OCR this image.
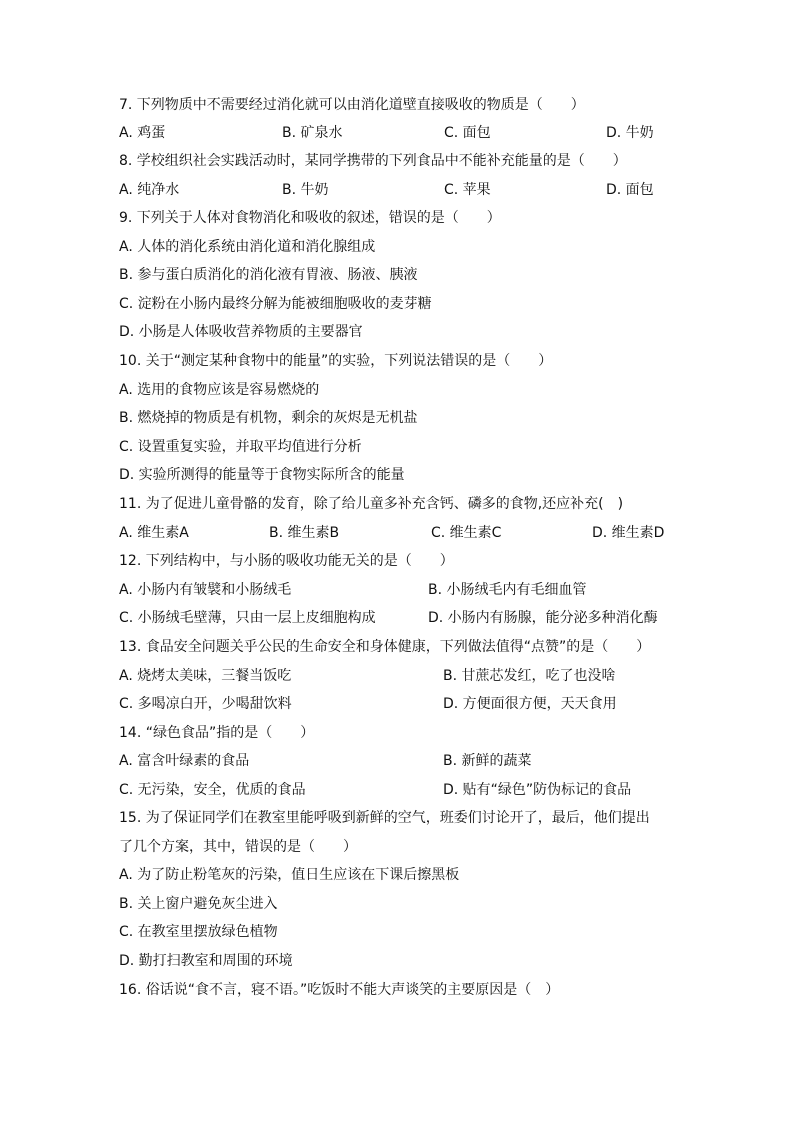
7. 下列物质中不需要经过消化就可以由消化道壁直接吸收的物质是（　　）
A. 鸡蛋	B. 矿泉水	C. 面包	D. 牛奶
8. 学校组织社会实践活动时，某同学携带的下列食品中不能补充能量的是（　　）
A. 纯净水	B. 牛奶	C. 苹果	D. 面包
9. 下列关于人体对食物消化和吸收的叙述，错误的是（　　）
A. 人体的消化系统由消化道和消化腺组成
B. 参与蛋白质消化的消化液有胃液、肠液、胰液
C. 淀粉在小肠内最终分解为能被细胞吸收的麦芽糖
D. 小肠是人体吸收营养物质的主要器官
10. 关于“测定某种食物中的能量”的实验，下列说法错误的是（　　）
A. 选用的食物应该是容易燃烧的
B. 燃烧掉的物质是有机物，剩余的灰烬是无机盐
C. 设置重复实验，并取平均值进行分析
D. 实验所测得的能量等于食物实际所含的能量
11. 为了促进儿童骨骼的发育，除了给儿童多补充含钙、磷多的食物,还应补充(　)
A. 维生素A	B. 维生素B	C. 维生素C	D. 维生素D
12. 下列结构中，与小肠的吸收功能无关的是（　　）
A. 小肠内有皱襞和小肠绒毛	B. 小肠绒毛内有毛细血管
C. 小肠绒毛壁薄，只由一层上皮细胞构成	D. 小肠内有肠腺，能分泌多种消化酶
13. 食品安全问题关乎公民的生命安全和身体健康，下列做法值得“点赞”的是（　　）
A. 烧烤太美味，三餐当饭吃	B. 甘蔗芯发红，吃了也没啥
C. 多喝凉白开，少喝甜饮料	D. 方便面很方便，天天食用
14. “绿色食品”指的是（　　）
A. 富含叶绿素的食品	B. 新鲜的蔬菜
C. 无污染，安全，优质的食品	D. 贴有“绿色”防伪标记的食品
15. 为了保证同学们在教室里能呼吸到新鲜的空气，班委们讨论开了，最后，他们提出
了几个方案，其中，错误的是（　　）
A. 为了防止粉笔灰的污染，值日生应该在下课后擦黑板
B. 关上窗户避免灰尘进入
C. 在教室里摆放绿色植物
D. 勤打扫教室和周围的环境
16. 俗话说“食不言，寝不语。”吃饭时不能大声谈笑的主要原因是（　）
